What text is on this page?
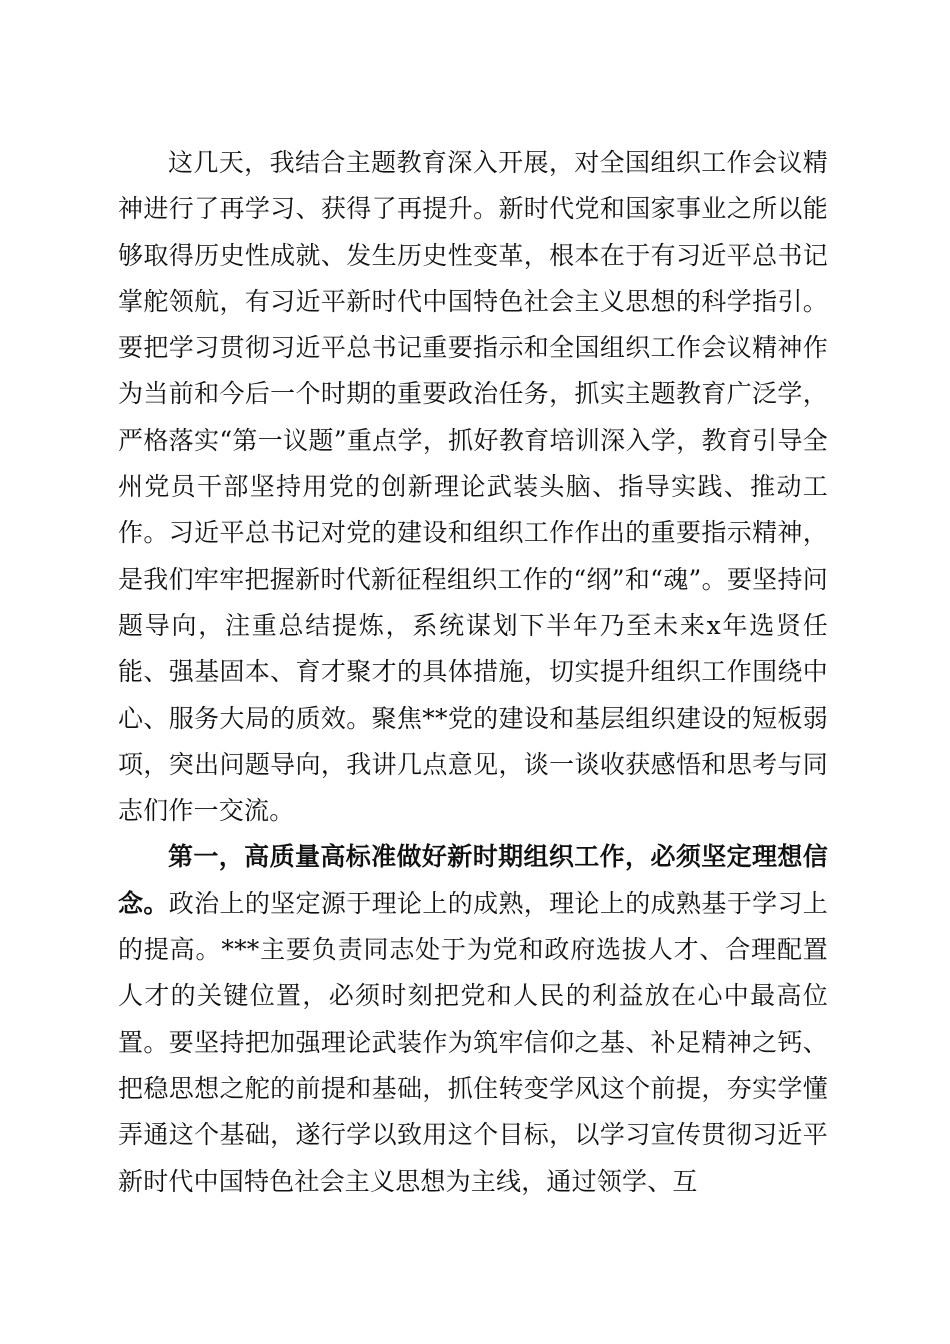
这几天，我结合主题教育深入开展，对全国组织工作会议精神进行了再学习、获得了再提升。新时代党和国家事业之所以能够取得历史性成就、发生历史性变革，根本在于有习近平总书记掌舵领航，有习近平新时代中国特色社会主义思想的科学指引。要把学习贯彻习近平总书记重要指示和全国组织工作会议精神作为当前和今后一个时期的重要政治任务，抓实主题教育广泛学，严格落实“第一议题”重点学，抓好教育培训深入学，教育引导全州党员干部坚持用党的创新理论武装头脑、指导实践、推动工作。习近平总书记对党的建设和组织工作作出的重要指示精神，是我们牢牢把握新时代新征程组织工作的“纲”和“魂”。要坚持问题导向，注重总结提炼，系统谋划下半年乃至未来x年选贤任能、强基固本、育才聚才的具体措施，切实提升组织工作围绕中心、服务大局的质效。聚焦**党的建设和基层组织建设的短板弱项，突出问题导向，我讲几点意见，谈一谈收获感悟和思考与同志们作一交流。

第一，高质量高标准做好新时期组织工作，必须坚定理想信念。政治上的坚定源于理论上的成熟，理论上的成熟基于学习上的提高。***主要负责同志处于为党和政府选拔人才、合理配置人才的关键位置，必须时刻把党和人民的利益放在心中最高位置。要坚持把加强理论武装作为筑牢信仰之基、补足精神之钙、把稳思想之舵的前提和基础，抓住转变学风这个前提，夯实学懂弄通这个基础，遂行学以致用这个目标，以学习宣传贯彻习近平新时代中国特色社会主义思想为主线，通过领学、互
